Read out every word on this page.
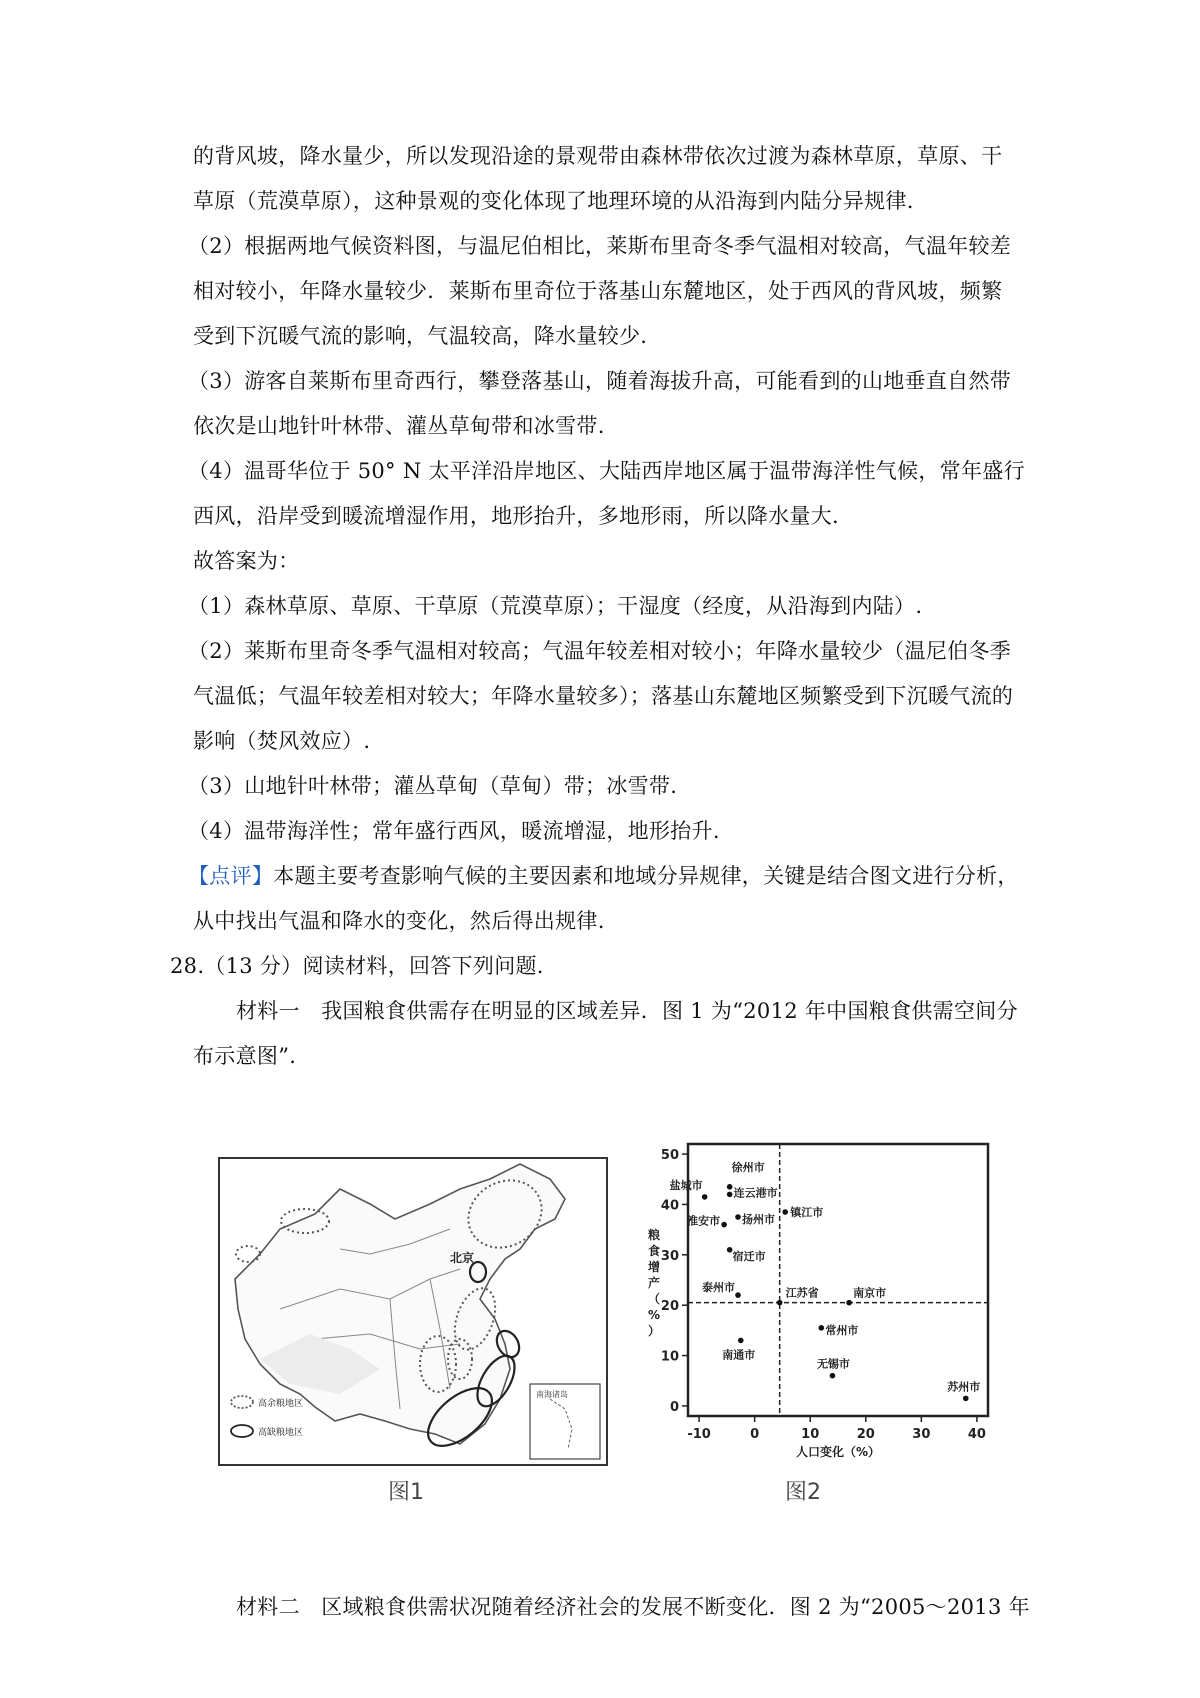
的背风坡，降水量少，所以发现沿途的景观带由森林带依次过渡为森林草原，草原、干
草原（荒漠草原），这种景观的变化体现了地理环境的从沿海到内陆分异规律.
（2）根据两地气候资料图，与温尼伯相比，莱斯布里奇冬季气温相对较高，气温年较差
相对较小，年降水量较少．莱斯布里奇位于落基山东麓地区，处于西风的背风坡，频繁
受到下沉暖气流的影响，气温较高，降水量较少.
（3）游客自莱斯布里奇西行，攀登落基山，随着海拔升高，可能看到的山地垂直自然带
依次是山地针叶林带、灌丛草甸带和冰雪带.
（4）温哥华位于 50° N 太平洋沿岸地区、大陆西岸地区属于温带海洋性气候，常年盛行
西风，沿岸受到暖流增湿作用，地形抬升，多地形雨，所以降水量大.
故答案为：
（1）森林草原、草原、干草原（荒漠草原）；干湿度（经度，从沿海到内陆）.
（2）莱斯布里奇冬季气温相对较高；气温年较差相对较小；年降水量较少（温尼伯冬季
气温低；气温年较差相对较大；年降水量较多）；落基山东麓地区频繁受到下沉暖气流的
影响（焚风效应）.
（3）山地针叶林带；灌丛草甸（草甸）带；冰雪带.
（4）温带海洋性；常年盛行西风，暖流增湿，地形抬升.
【点评】本题主要考查影响气候的主要因素和地域分异规律，关键是结合图文进行分析，
从中找出气温和降水的变化，然后得出规律.
28.（13 分）阅读材料，回答下列问题.
材料一　我国粮食供需存在明显的区域差异．图 1 为“2012 年中国粮食供需空间分
布示意图”.
南海诸岛
北京
高余粮地区
高缺粮地区
图1
-10	0	10	20	30	40
0
10
20
30
40
50
人口变化（%）
粮
食
增
产
（
%
）
盐城市
徐州市
连云港市
淮安市 扬州市
镇江市
宿迁市
泰州市	江苏省	南京市
常州市
南通市
无锡市
苏州市
图2
材料二　区域粮食供需状况随着经济社会的发展不断变化．图 2 为“2005～2013 年
